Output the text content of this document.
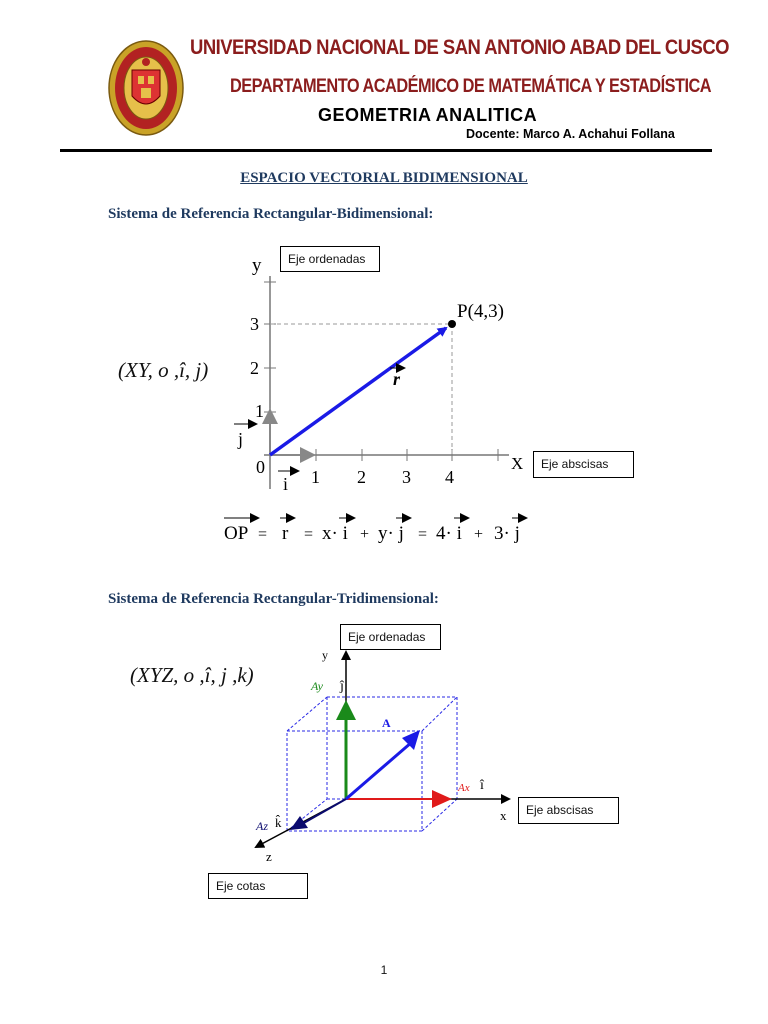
UNIVERSIDAD NACIONAL DE SAN ANTONIO ABAD DEL CUSCO
DEPARTAMENTO ACADÉMICO DE MATEMÁTICA Y ESTADÍSTICA
GEOMETRIA ANALITICA
Docente: Marco A. Achahui Follana
ESPACIO VECTORIAL BIDIMENSIONAL
Sistema de Referencia Rectangular-Bidimensional:
(XY, o ,î, j)
y
X
0	1 2 3 4
1
2
3
P(4,3)
r
j
i
OP = r = x· i + y· j = 4· i + 3· j
Eje ordenadas
Eje abscisas
Sistema de Referencia Rectangular-Tridimensional:
(XYZ, o ,î, j ,k)
y
x
z
Ay ĵ
Ax î
Az k̂
A
Eje ordenadas
Eje abscisas
Eje cotas
1
